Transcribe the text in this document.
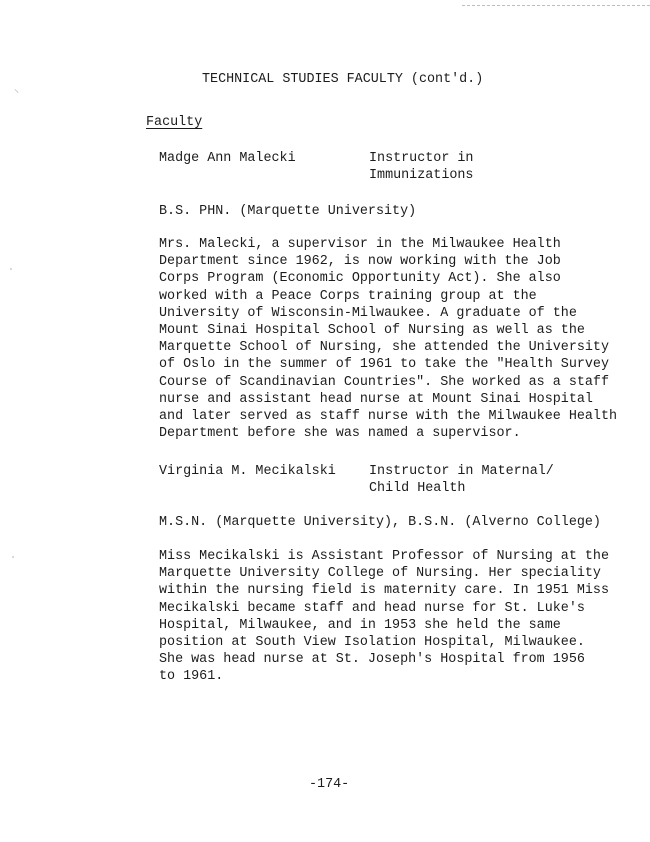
⸜
TECHNICAL STUDIES FACULTY (cont'd.)
Faculty
Madge Ann Malecki	Instructor in
Immunizations
B.S. PHN. (Marquette University)
Mrs. Malecki, a supervisor in the Milwaukee Health
Department since 1962, is now working with the Job
Corps Program (Economic Opportunity Act). She also
worked with a Peace Corps training group at the
University of Wisconsin-Milwaukee. A graduate of the
Mount Sinai Hospital School of Nursing as well as the
Marquette School of Nursing, she attended the University
of Oslo in the summer of 1961 to take the "Health Survey
Course of Scandinavian Countries". She worked as a staff
nurse and assistant head nurse at Mount Sinai Hospital
and later served as staff nurse with the Milwaukee Health
Department before she was named a supervisor.
Virginia M. Mecikalski Instructor in Maternal/
Child Health
M.S.N. (Marquette University), B.S.N. (Alverno College)
Miss Mecikalski is Assistant Professor of Nursing at the
Marquette University College of Nursing. Her speciality
within the nursing field is maternity care. In 1951 Miss
Mecikalski became staff and head nurse for St. Luke's
Hospital, Milwaukee, and in 1953 she held the same
position at South View Isolation Hospital, Milwaukee.
She was head nurse at St. Joseph's Hospital from 1956
to 1961.
-174-
